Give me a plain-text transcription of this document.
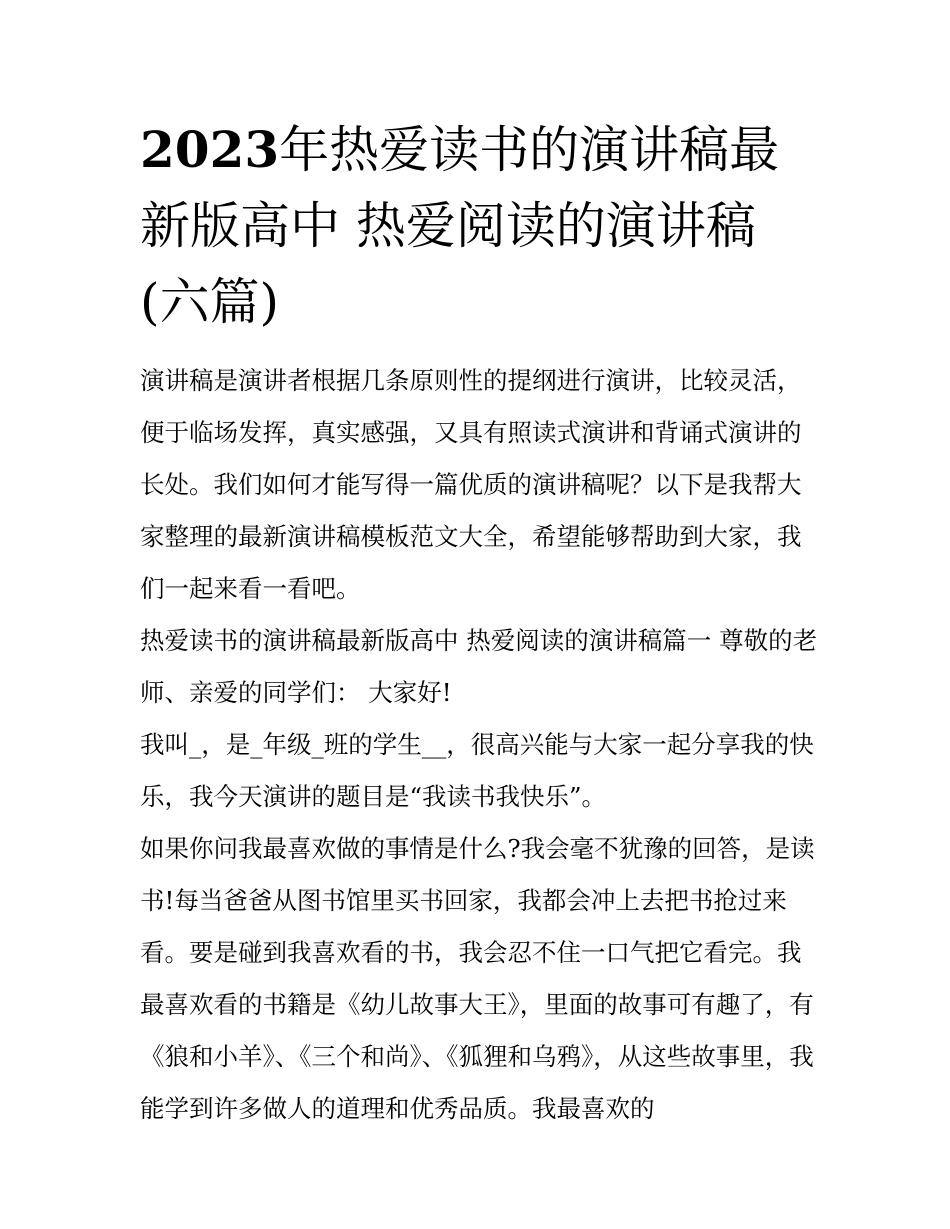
2023年热爱读书的演讲稿最新版高中 热爱阅读的演讲稿(六篇)

演讲稿是演讲者根据几条原则性的提纲进行演讲，比较灵活，便于临场发挥，真实感强，又具有照读式演讲和背诵式演讲的长处。我们如何才能写得一篇优质的演讲稿呢？以下是我帮大家整理的最新演讲稿模板范文大全，希望能够帮助到大家，我们一起来看一看吧。

热爱读书的演讲稿最新版高中 热爱阅读的演讲稿篇一 尊敬的老师、亲爱的同学们： 大家好!

我叫_，是_年级_班的学生__，很高兴能与大家一起分享我的快乐，我今天演讲的题目是“我读书我快乐”。

如果你问我最喜欢做的事情是什么?我会毫不犹豫的回答，是读书!每当爸爸从图书馆里买书回家，我都会冲上去把书抢过来看。要是碰到我喜欢看的书，我会忍不住一口气把它看完。我最喜欢看的书籍是《幼儿故事大王》，里面的故事可有趣了，有《狼和小羊》、《三个和尚》、《狐狸和乌鸦》，从这些故事里，我能学到许多做人的道理和优秀品质。我最喜欢的
